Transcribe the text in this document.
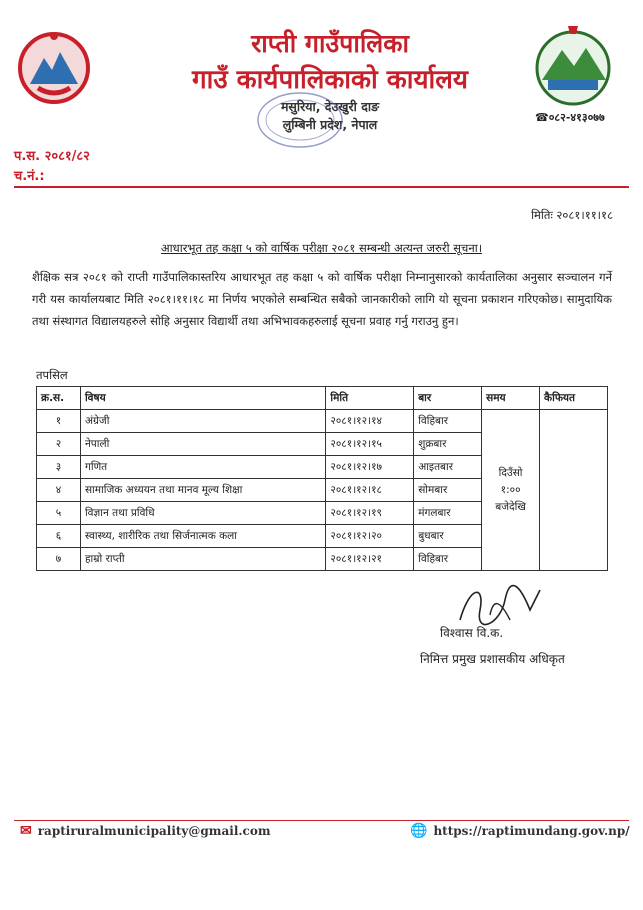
राप्ती गाउँपालिका
गाउँ कार्यपालिकाको कार्यालय
मसुरिया, देउखुरी दाङ
लुम्बिनी प्रदेश, नेपाल	☎०८२-४१३०७७
प.स. २०८१/८२
च.नं.:
मितिः २०८१।११।१८
आधारभूत तह कक्षा ५ को वार्षिक परीक्षा २०८१ सम्बन्धी अत्यन्त जरुरी सूचना।
शैक्षिक सत्र २०८१ को राप्ती गाउँपालिकास्तरिय आधारभूत तह कक्षा ५ को वार्षिक परीक्षा निम्नानुसारको कार्यतालिका अनुसार सञ्चालन गर्ने गरी यस कार्यालयबाट मिति २०८१।११।१८ मा निर्णय भएकोले सम्बन्धित सबैको जानकारीको लागि यो सूचना प्रकाशन गरिएकोछ। सामुदायिक तथा संस्थागत विद्यालयहरुले सोहि अनुसार विद्यार्थी तथा अभिभावकहरुलाई सूचना प्रवाह गर्नु गराउनु हुन।
तपसिल
क्र.स.	विषय	मिति	बार	समय	कैफियत
१	अंग्रेजी	२०८१।१२।१४	विहिबार	दिउँसो
१:००
बजेदेखि	

२	नेपाली	२०८१।१२।१५	शुक्रबार		
३	गणित	२०८१।१२।१७	आइतबार		
४	सामाजिक अध्ययन तथा मानव मूल्य शिक्षा	२०८१।१२।१८	सोमबार		
५	विज्ञान तथा प्रविधि	२०८१।१२।१९	मंगलबार		
६	स्वास्थ्य, शारीरिक तथा सिर्जनात्मक कला	२०८१।१२।२०	बुधबार		
७	हाम्रो राप्ती	२०८१।१२।२१	विहिबार		
विश्वास वि.क.
निमित्त प्रमुख प्रशासकीय अधिकृत
✉ raptiruralmunicipality@gmail.com	🌐 https://raptimundang.gov.np/
